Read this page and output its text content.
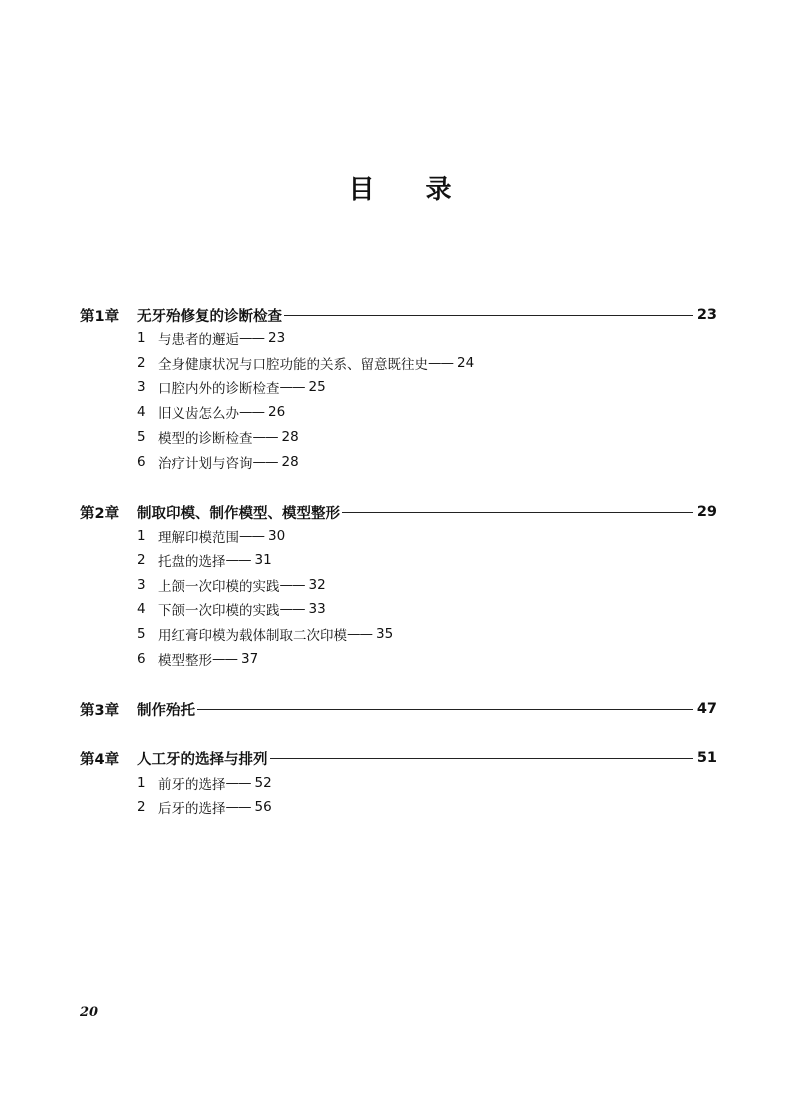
目 录
第1章	无牙殆修复的诊断检查	23
1 与患者的邂逅 —— 23
2 全身健康状况与口腔功能的关系、留意既往史 —— 24
3 口腔内外的诊断检查 —— 25
4 旧义齿怎么办 —— 26
5 模型的诊断检查 —— 28
6 治疗计划与咨询 —— 28
第2章	制取印模、制作模型、模型整形	29
1 理解印模范围 —— 30
2 托盘的选择 —— 31
3 上颌一次印模的实践 —— 32
4 下颌一次印模的实践 —— 33
5 用红膏印模为载体制取二次印模 —— 35
6 模型整形 —— 37
第3章	制作殆托	47
第4章	人工牙的选择与排列	51
1 前牙的选择 —— 52
2 后牙的选择 —— 56
20
